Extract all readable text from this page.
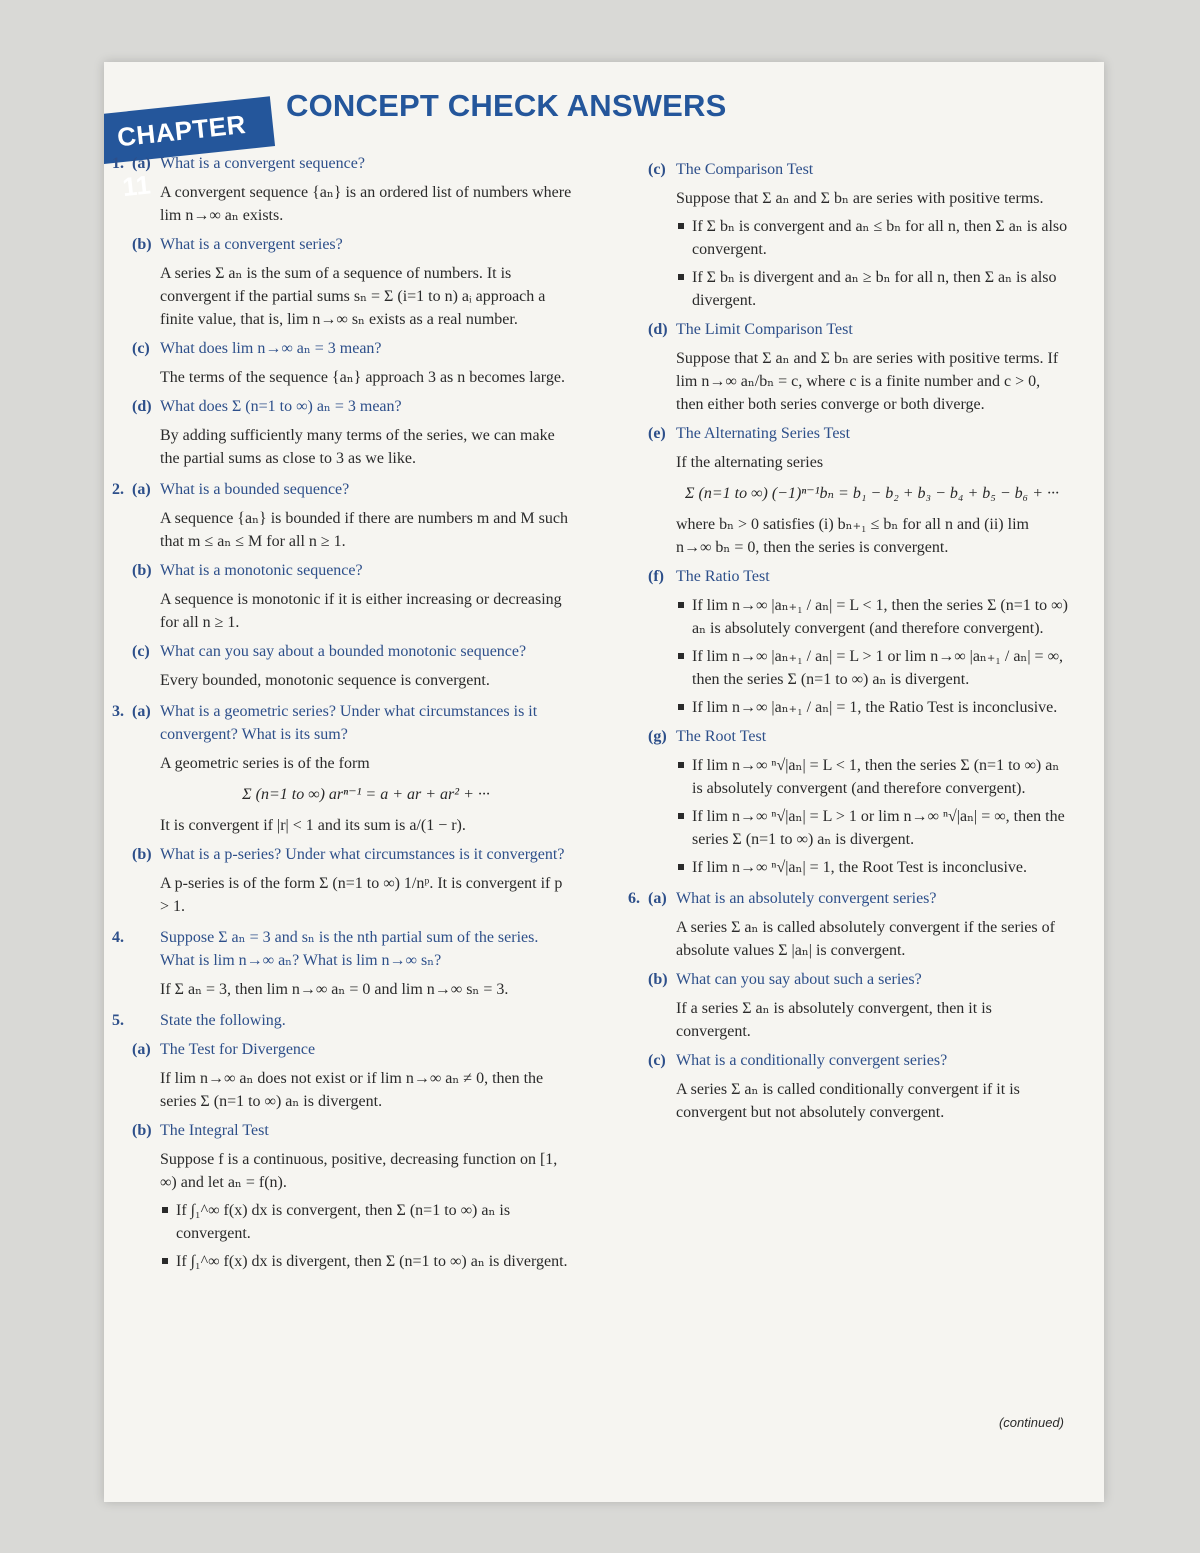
CHAPTER 11
CONCEPT CHECK ANSWERS
1. (a) What is a convergent sequence?

A convergent sequence {aₙ} is an ordered list of numbers where lim n→∞ aₙ exists.

(b) What is a convergent series?

A series Σ aₙ is the sum of a sequence of numbers. It is convergent if the partial sums sₙ = Σ (i=1 to n) aᵢ approach a finite value, that is, lim n→∞ sₙ exists as a real number.

(c) What does lim n→∞ aₙ = 3 mean?

The terms of the sequence {aₙ} approach 3 as n becomes large.

(d) What does Σ (n=1 to ∞) aₙ = 3 mean?

By adding sufficiently many terms of the series, we can make the partial sums as close to 3 as we like.

2. (a) What is a bounded sequence?

A sequence {aₙ} is bounded if there are numbers m and M such that m ≤ aₙ ≤ M for all n ≥ 1.

(b) What is a monotonic sequence?

A sequence is monotonic if it is either increasing or decreasing for all n ≥ 1.

(c) What can you say about a bounded monotonic sequence?

Every bounded, monotonic sequence is convergent.

3. (a) What is a geometric series? Under what circumstances is it convergent? What is its sum?

A geometric series is of the form

Σ (n=1 to ∞) arⁿ⁻¹ = a + ar + ar² + ···

It is convergent if |r| < 1 and its sum is a/(1 − r).

(b) What is a p-series? Under what circumstances is it convergent?

A p-series is of the form Σ (n=1 to ∞) 1/nᵖ. It is convergent if p > 1.

4. Suppose Σ aₙ = 3 and sₙ is the nth partial sum of the series. What is lim n→∞ aₙ? What is lim n→∞ sₙ?

If Σ aₙ = 3, then lim n→∞ aₙ = 0 and lim n→∞ sₙ = 3.

5. State the following.
(a) The Test for Divergence

If lim n→∞ aₙ does not exist or if lim n→∞ aₙ ≠ 0, then the series Σ (n=1 to ∞) aₙ is divergent.

(b) The Integral Test

Suppose f is a continuous, positive, decreasing function on [1, ∞) and let aₙ = f(n).

If ∫₁^∞ f(x) dx is convergent, then Σ (n=1 to ∞) aₙ is convergent.
If ∫₁^∞ f(x) dx is divergent, then Σ (n=1 to ∞) aₙ is divergent.
(c) The Comparison Test

Suppose that Σ aₙ and Σ bₙ are series with positive terms.

If Σ bₙ is convergent and aₙ ≤ bₙ for all n, then Σ aₙ is also convergent.
If Σ bₙ is divergent and aₙ ≥ bₙ for all n, then Σ aₙ is also divergent.
(d) The Limit Comparison Test

Suppose that Σ aₙ and Σ bₙ are series with positive terms. If lim n→∞ aₙ/bₙ = c, where c is a finite number and c > 0, then either both series converge or both diverge.

(e) The Alternating Series Test

If the alternating series

Σ (n=1 to ∞) (−1)ⁿ⁻¹bₙ = b₁ − b₂ + b₃ − b₄ + b₅ − b₆ + ···

where bₙ > 0 satisfies (i) bₙ₊₁ ≤ bₙ for all n and (ii) lim n→∞ bₙ = 0, then the series is convergent.

(f) The Ratio Test
If lim n→∞ |aₙ₊₁ / aₙ| = L < 1, then the series Σ (n=1 to ∞) aₙ is absolutely convergent (and therefore convergent).
If lim n→∞ |aₙ₊₁ / aₙ| = L > 1 or lim n→∞ |aₙ₊₁ / aₙ| = ∞, then the series Σ (n=1 to ∞) aₙ is divergent.
If lim n→∞ |aₙ₊₁ / aₙ| = 1, the Ratio Test is inconclusive.
(g) The Root Test
If lim n→∞ ⁿ√|aₙ| = L < 1, then the series Σ (n=1 to ∞) aₙ is absolutely convergent (and therefore convergent).
If lim n→∞ ⁿ√|aₙ| = L > 1 or lim n→∞ ⁿ√|aₙ| = ∞, then the series Σ (n=1 to ∞) aₙ is divergent.
If lim n→∞ ⁿ√|aₙ| = 1, the Root Test is inconclusive.
6. (a) What is an absolutely convergent series?

A series Σ aₙ is called absolutely convergent if the series of absolute values Σ |aₙ| is convergent.

(b) What can you say about such a series?

If a series Σ aₙ is absolutely convergent, then it is convergent.

(c) What is a conditionally convergent series?

A series Σ aₙ is called conditionally convergent if it is convergent but not absolutely convergent.

(continued)
